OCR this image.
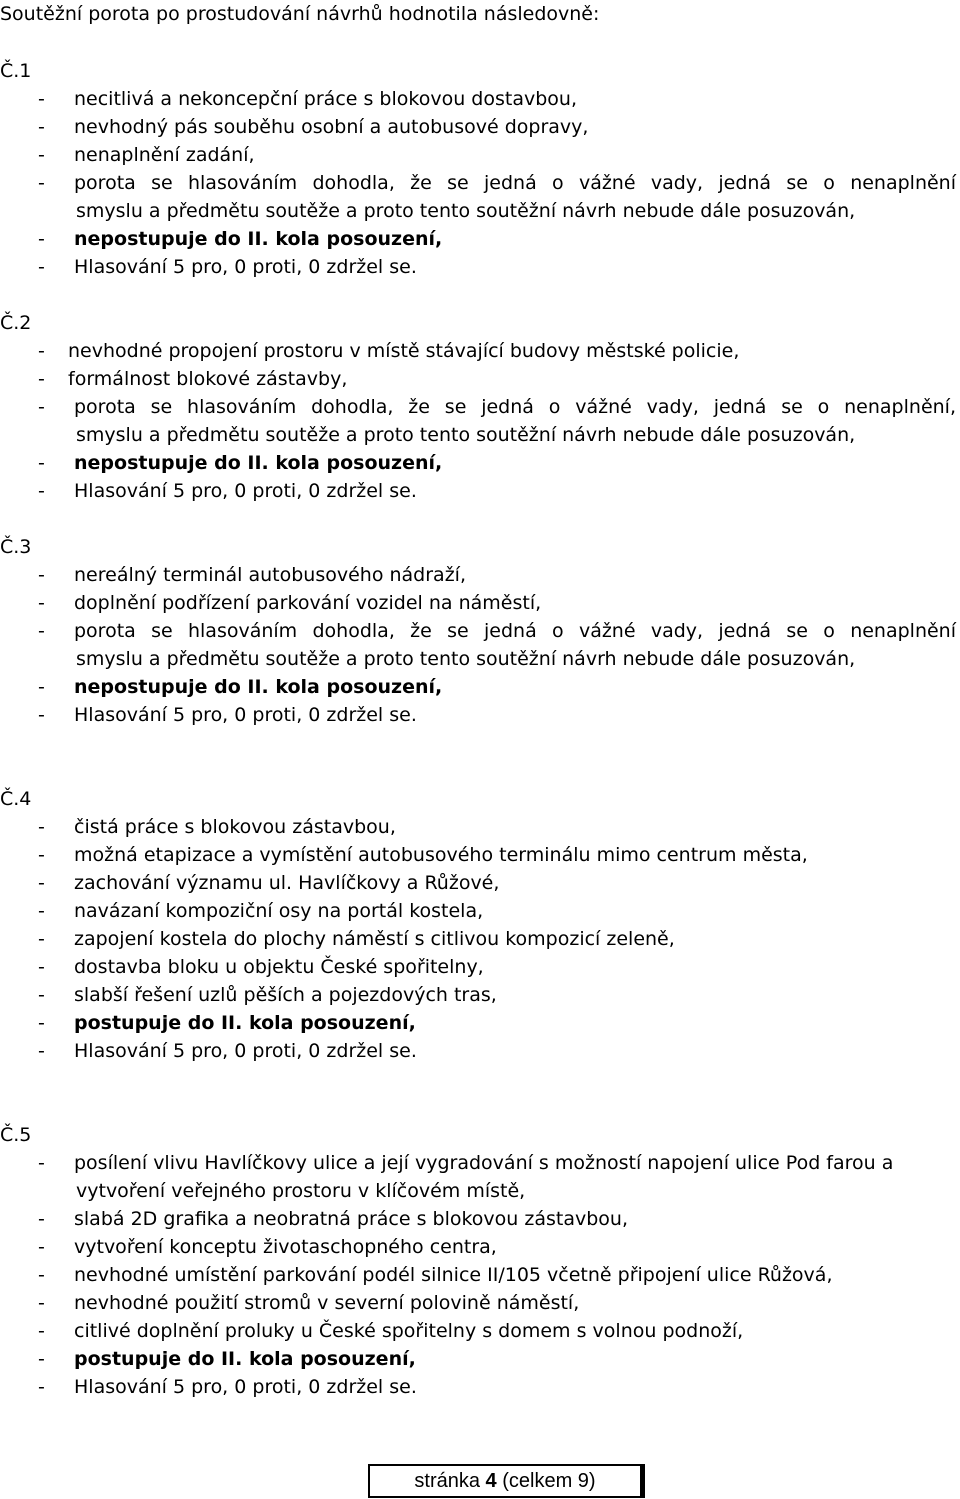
Soutěžní porota po prostudování návrhů hodnotila následovně:
Č.1
- necitlivá a nekoncepční práce s blokovou dostavbou,
- nevhodný pás souběhu osobní a autobusové dopravy,
- nenaplnění zadání,
- porota se hlasováním dohodla, že se jedná o vážné vady, jedná se o nenaplnění
smyslu a předmětu soutěže a proto tento soutěžní návrh nebude dále posuzován,
- nepostupuje do II. kola posouzení,
- Hlasování 5 pro, 0 proti, 0 zdržel se.
Č.2
- nevhodné propojení prostoru v místě stávající budovy městské policie,
- formálnost blokové zástavby,
- porota se hlasováním dohodla, že se jedná o vážné vady, jedná se o nenaplnění,
smyslu a předmětu soutěže a proto tento soutěžní návrh nebude dále posuzován,
- nepostupuje do II. kola posouzení,
- Hlasování 5 pro, 0 proti, 0 zdržel se.
Č.3
- nereálný terminál autobusového nádraží,
- doplnění podřízení parkování vozidel na náměstí,
- porota se hlasováním dohodla, že se jedná o vážné vady, jedná se o nenaplnění
smyslu a předmětu soutěže a proto tento soutěžní návrh nebude dále posuzován,
- nepostupuje do II. kola posouzení,
- Hlasování 5 pro, 0 proti, 0 zdržel se.
Č.4
- čistá práce s blokovou zástavbou,
- možná etapizace a vymístění autobusového terminálu mimo centrum města,
- zachování významu ul. Havlíčkovy a Růžové,
- navázaní kompoziční osy na portál kostela,
- zapojení kostela do plochy náměstí s citlivou kompozicí zeleně,
- dostavba bloku u objektu České spořitelny,
- slabší řešení uzlů pěších a pojezdových tras,
- postupuje do II. kola posouzení,
- Hlasování 5 pro, 0 proti, 0 zdržel se.
Č.5
- posílení vlivu Havlíčkovy ulice a její vygradování s možností napojení ulice Pod farou a
vytvoření veřejného prostoru v klíčovém místě,
- slabá 2D grafika a neobratná práce s blokovou zástavbou,
- vytvoření konceptu životaschopného centra,
- nevhodné umístění parkování podél silnice II/105 včetně připojení ulice Růžová,
- nevhodné použití stromů v severní polovině náměstí,
- citlivé doplnění proluky u České spořitelny s domem s volnou podnoží,
- postupuje do II. kola posouzení,
- Hlasování 5 pro, 0 proti, 0 zdržel se.
stránka 4 (celkem 9)
